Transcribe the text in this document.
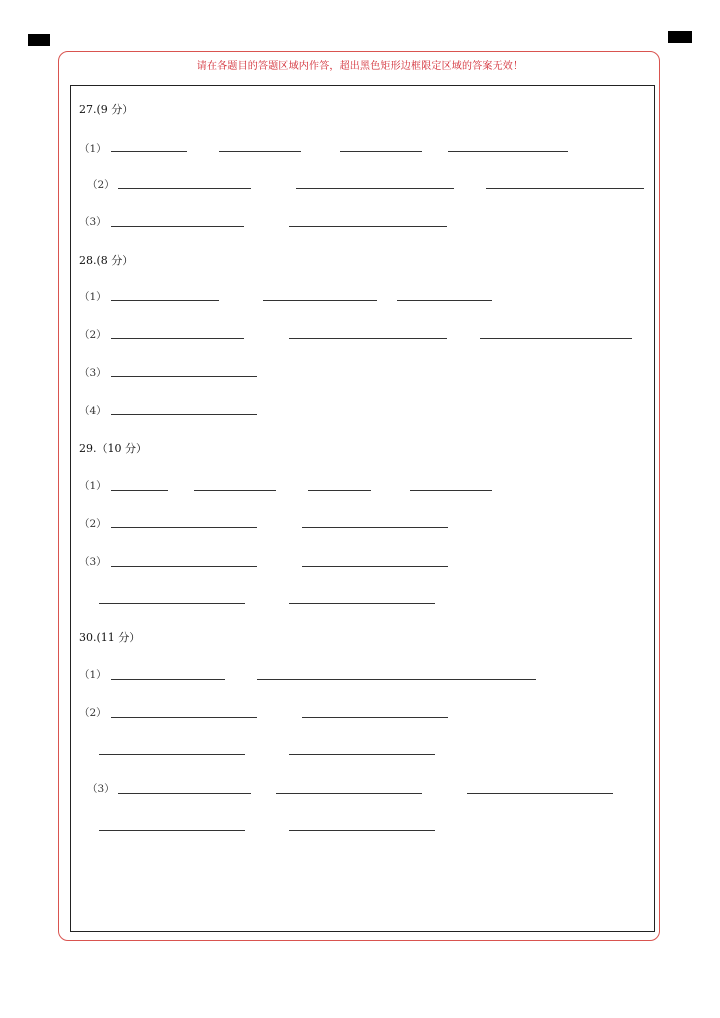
请在各题目的答题区域内作答，超出黑色矩形边框限定区域的答案无效！
27.(9 分）
（1）
（2）
（3）
28.(8 分）
（1）
（2）
（3）
（4）
29.（10 分）
（1）
（2）
（3）
30.(11 分）
（1）
（2）
（3）
